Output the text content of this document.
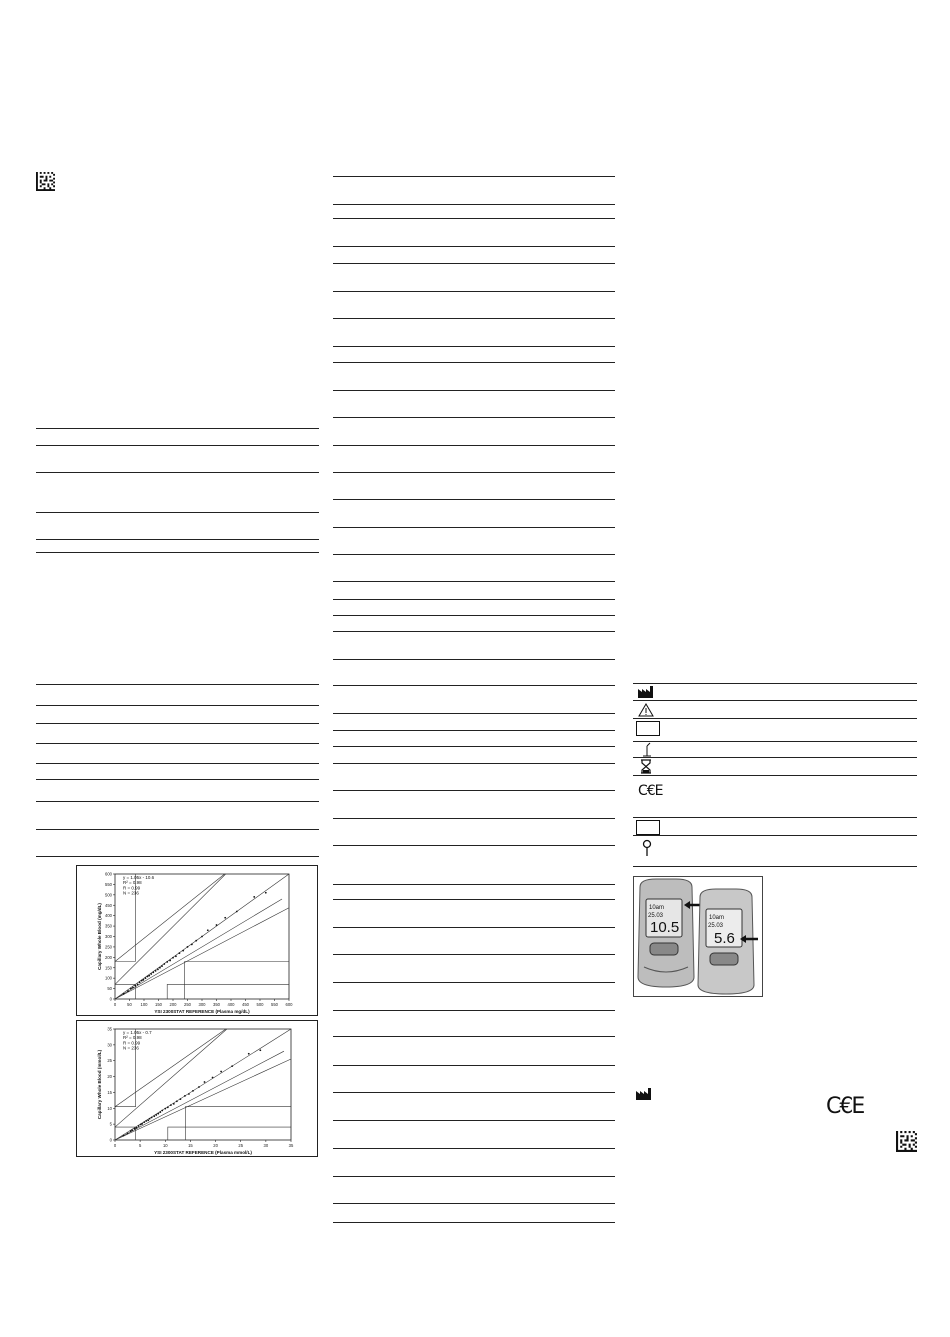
0	50 100 150 200 250 300 350 400 450 500 550 600
0
50
100
150
200
250
300
350
400
450
500
550
600
y = 1.05x - 10.6
R² = 0.98
R = 0.99
N = 236
YSI 2300STAT REFERENCE (Plasma mg/dL)
Capillary Whole Blood (mg/dL)
0	5	10	15	20	25	30	35
0
5
10
15
20
25
30
35
y = 1.05x - 0.7
R² = 0.98
R = 0.99
N = 236
YSI 2300STAT REFERENCE (Plasma mmol/L)
Capillary Whole Blood (mmol/L)
C€E
10am
25.03
10.5
10am
25.03
5.6
C€E
